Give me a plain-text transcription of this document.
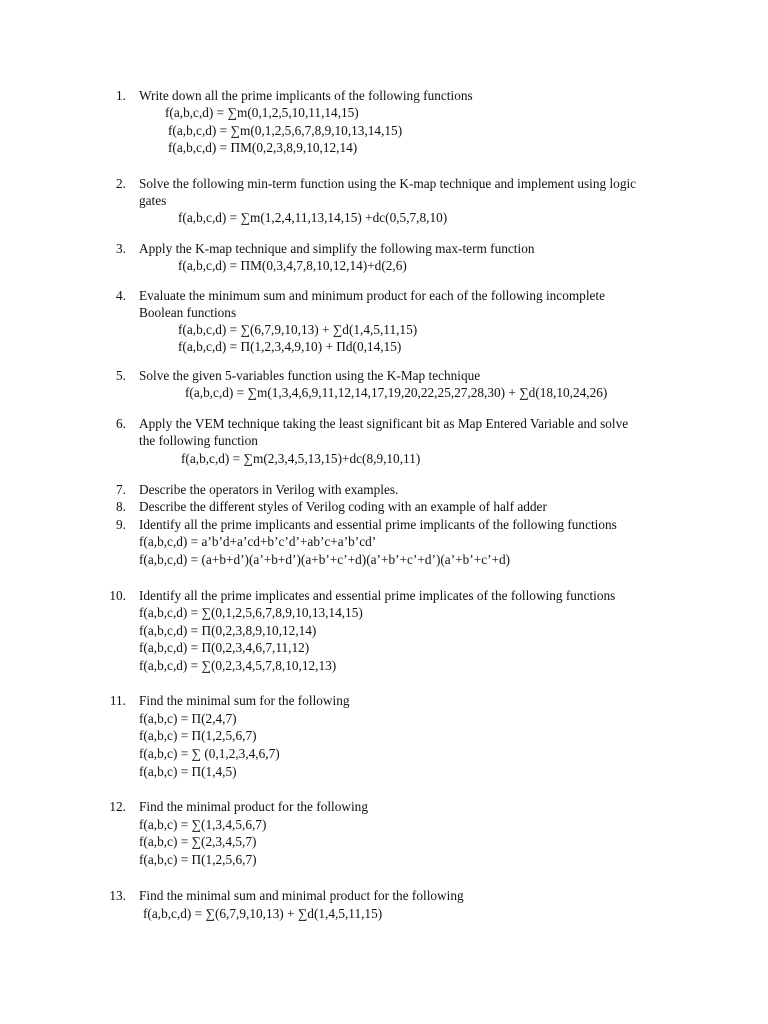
1. Write down all the prime implicants of the following functions
f(a,b,c,d) = ∑m(0,1,2,5,10,11,14,15)
f(a,b,c,d) = ∑m(0,1,2,5,6,7,8,9,10,13,14,15)
f(a,b,c,d) = ΠM(0,2,3,8,9,10,12,14)
2. Solve the following min-term function using the K-map technique and implement using logic
gates
f(a,b,c,d) = ∑m(1,2,4,11,13,14,15) +dc(0,5,7,8,10)
3. Apply the K-map technique and simplify the following max-term function
f(a,b,c,d) = ΠM(0,3,4,7,8,10,12,14)+d(2,6)
4. Evaluate the minimum sum and minimum product for each of the following incomplete
Boolean functions
f(a,b,c,d) = ∑(6,7,9,10,13) + ∑d(1,4,5,11,15)
f(a,b,c,d) = Π(1,2,3,4,9,10) + Πd(0,14,15)
5. Solve the given 5-variables function using the K-Map technique
f(a,b,c,d) = ∑m(1,3,4,6,9,11,12,14,17,19,20,22,25,27,28,30) + ∑d(18,10,24,26)
6. Apply the VEM technique taking the least significant bit as Map Entered Variable and solve
the following function
f(a,b,c,d) = ∑m(2,3,4,5,13,15)+dc(8,9,10,11)
7. Describe the operators in Verilog with examples.
8. Describe the different styles of Verilog coding with an example of half adder
9. Identify all the prime implicants and essential prime implicants of the following functions
f(a,b,c,d) = a’b’d+a’cd+b’c’d’+ab’c+a’b’cd’
f(a,b,c,d) = (a+b+d’)(a’+b+d’)(a+b’+c’+d)(a’+b’+c’+d’)(a’+b’+c’+d)
10. Identify all the prime implicates and essential prime implicates of the following functions
f(a,b,c,d) = ∑(0,1,2,5,6,7,8,9,10,13,14,15)
f(a,b,c,d) = Π(0,2,3,8,9,10,12,14)
f(a,b,c,d) = Π(0,2,3,4,6,7,11,12)
f(a,b,c,d) = ∑(0,2,3,4,5,7,8,10,12,13)
11. Find the minimal sum for the following
f(a,b,c) = Π(2,4,7)
f(a,b,c) = Π(1,2,5,6,7)
f(a,b,c) = ∑ (0,1,2,3,4,6,7)
f(a,b,c) = Π(1,4,5)
12. Find the minimal product for the following
f(a,b,c) = ∑(1,3,4,5,6,7)
f(a,b,c) = ∑(2,3,4,5,7)
f(a,b,c) = Π(1,2,5,6,7)
13. Find the minimal sum and minimal product for the following
f(a,b,c,d) = ∑(6,7,9,10,13) + ∑d(1,4,5,11,15)
